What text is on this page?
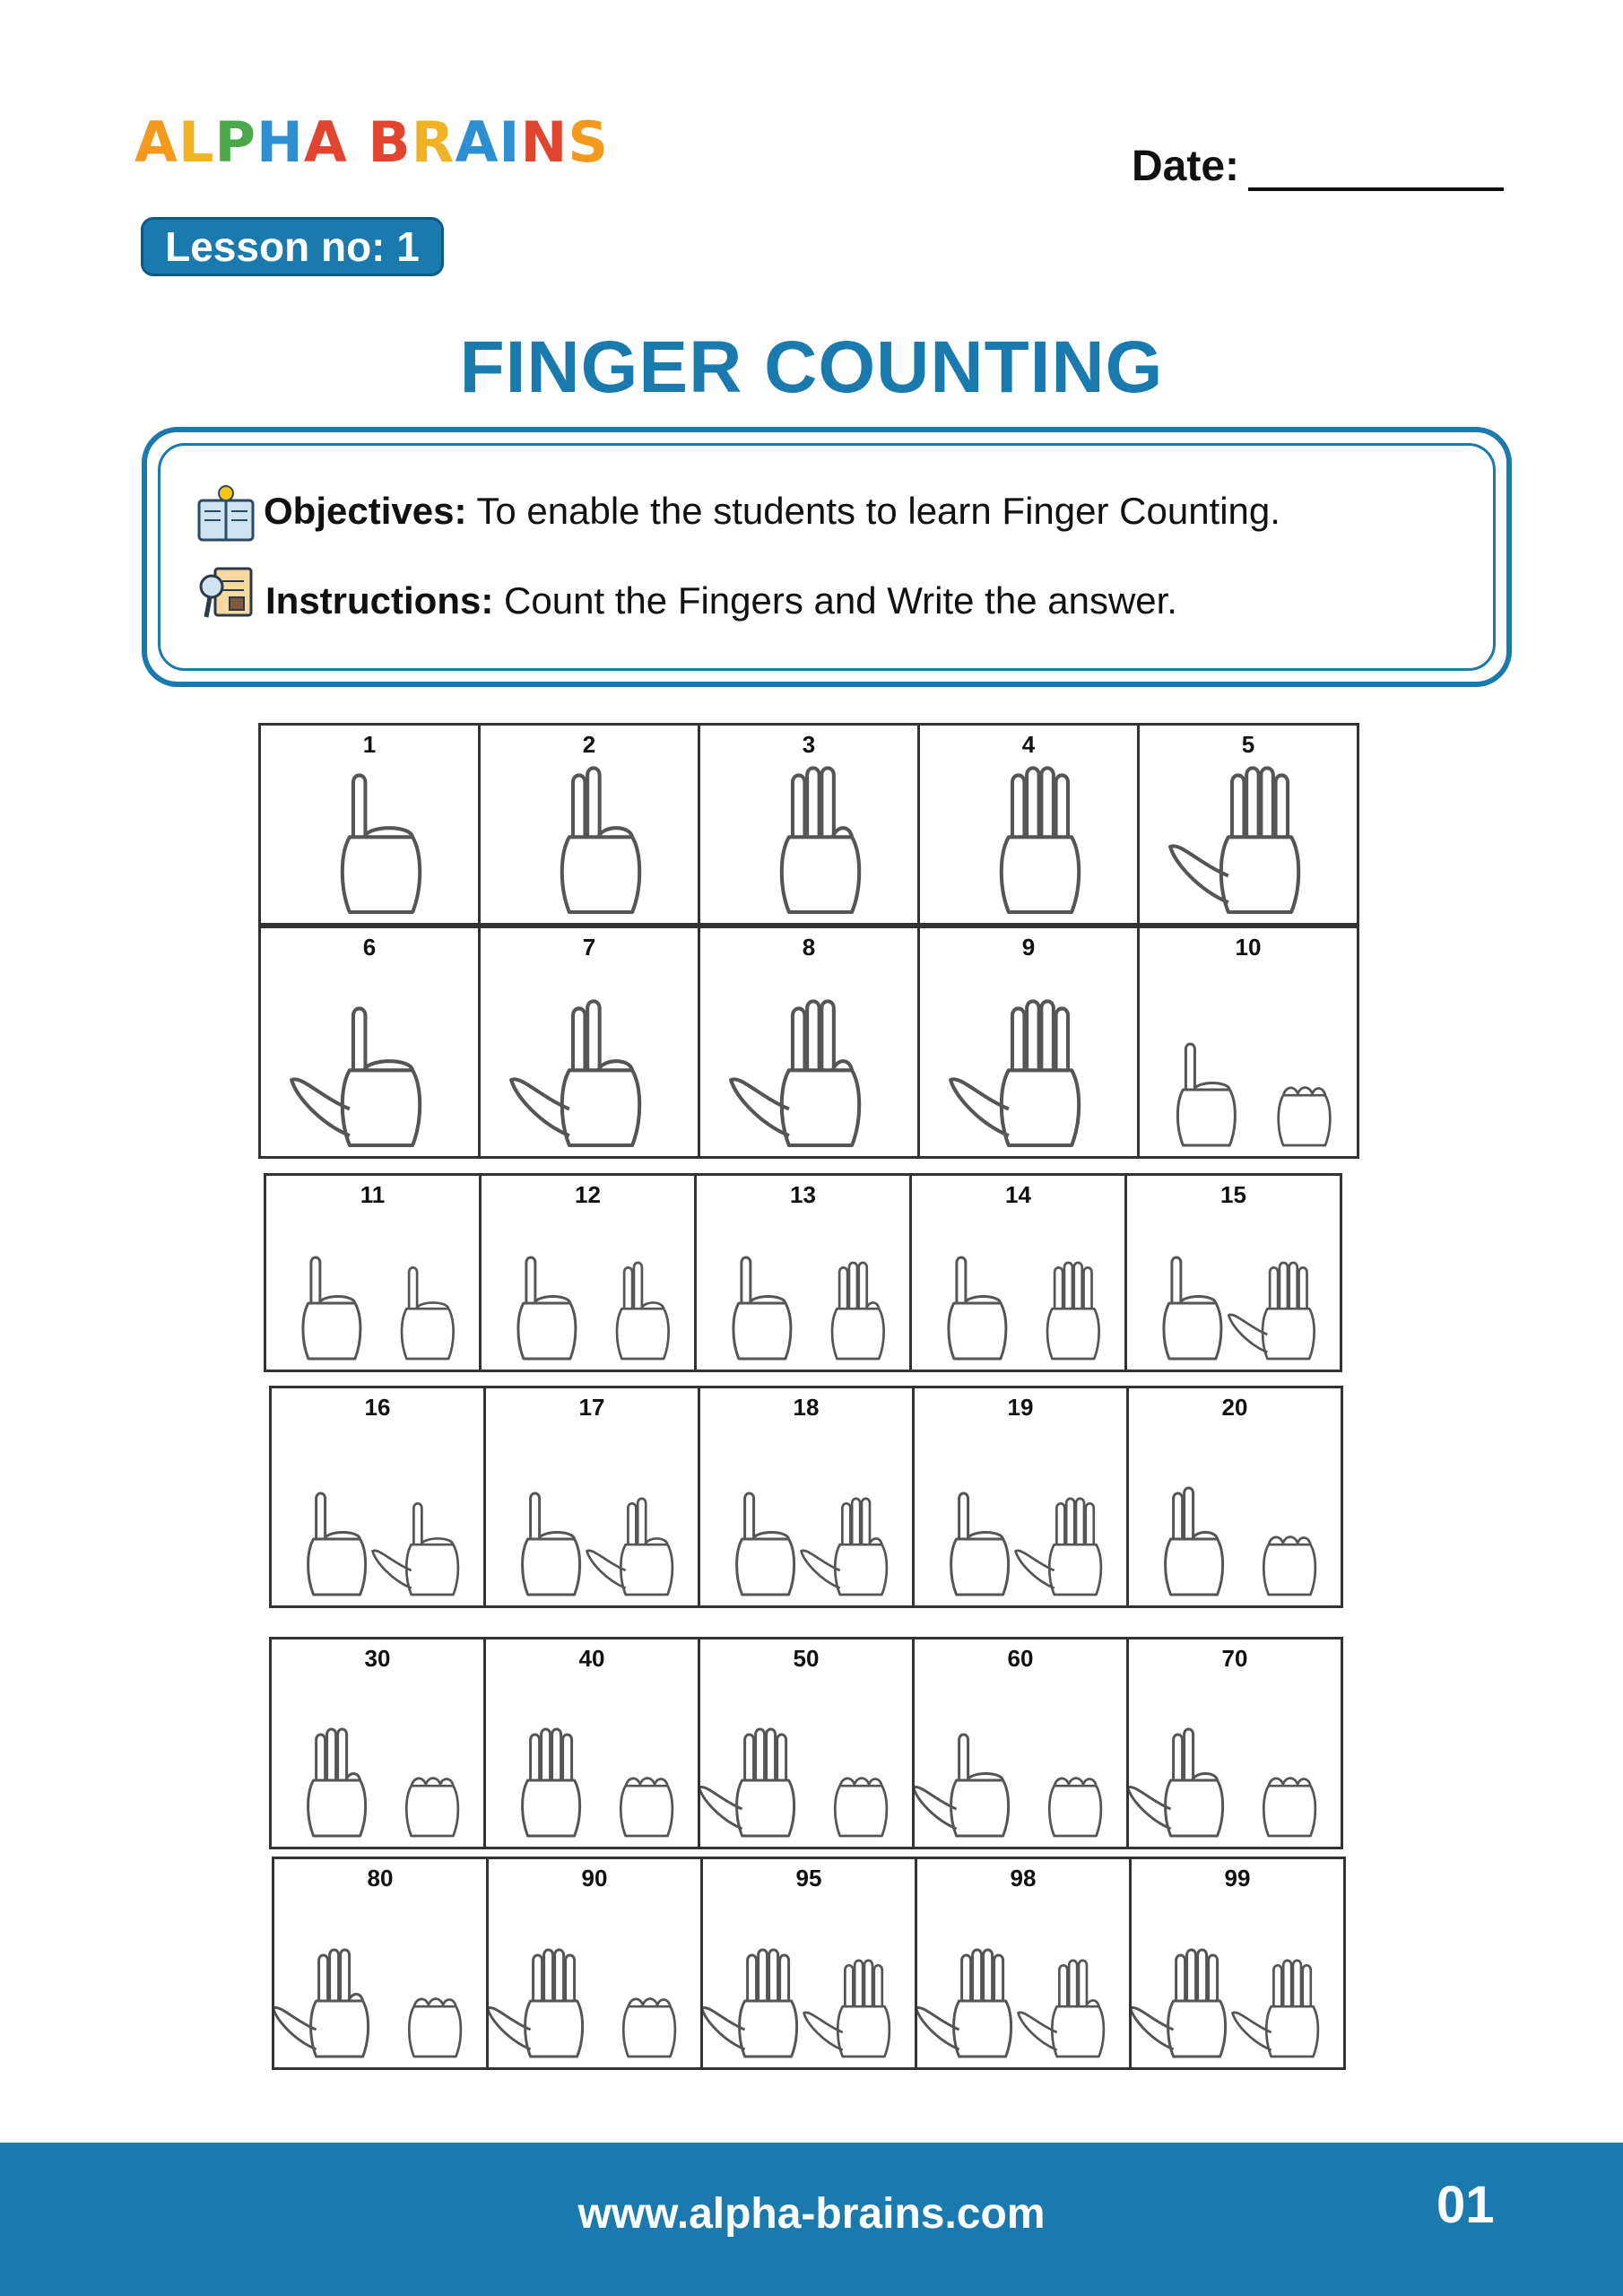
ALPHA BRAINS	Date:
Lesson no: 1
FINGER COUNTING
Objectives: To enable the students to learn Finger Counting.
Instructions: Count the Fingers and Write the answer.
1	2	3	4	5
6	7	8	9	10
11	12	13	14	15
16	17	18	19	20
30	40	50	60	70
80	90	95	98	99
www.alpha-brains.com	01
